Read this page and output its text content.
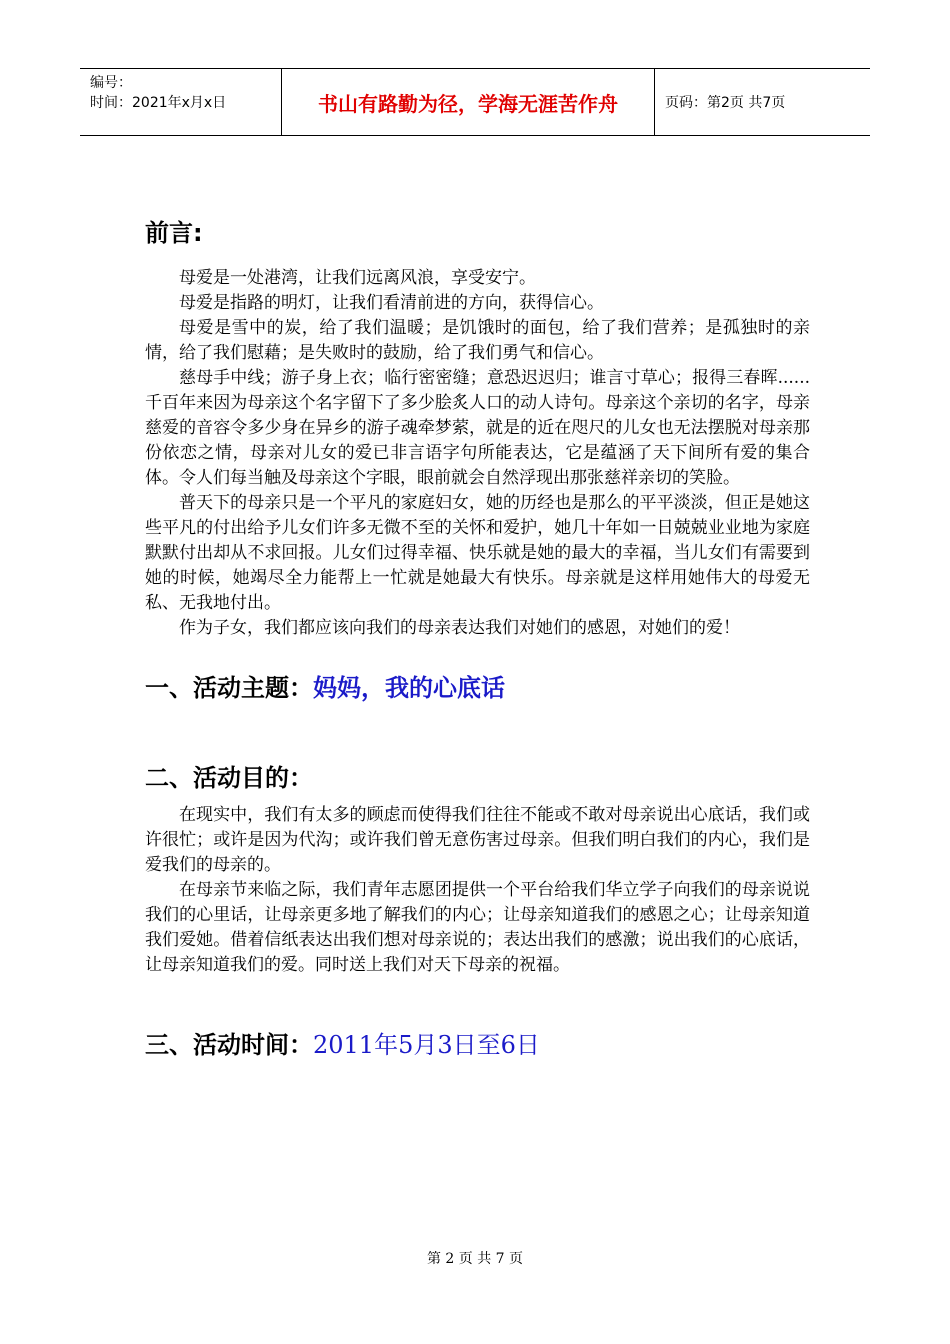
编号：
时间：2021年x月x日	书山有路勤为径，学海无涯苦作舟	页码：第2页 共7页
前言:

母爱是一处港湾，让我们远离风浪，享受安宁。

母爱是指路的明灯，让我们看清前进的方向，获得信心。

母爱是雪中的炭，给了我们温暖；是饥饿时的面包，给了我们营养；是孤独时的亲情，给了我们慰藉；是失败时的鼓励，给了我们勇气和信心。

慈母手中线；游子身上衣；临行密密缝；意恐迟迟归；谁言寸草心；报得三春晖......千百年来因为母亲这个名字留下了多少脍炙人口的动人诗句。母亲这个亲切的名字，母亲慈爱的音容令多少身在异乡的游子魂牵梦萦，就是的近在咫尺的儿女也无法摆脱对母亲那份依恋之情，母亲对儿女的爱已非言语字句所能表达，它是蕴涵了天下间所有爱的集合体。令人们每当触及母亲这个字眼，眼前就会自然浮现出那张慈祥亲切的笑脸。

普天下的母亲只是一个平凡的家庭妇女，她的历经也是那么的平平淡淡，但正是她这些平凡的付出给予儿女们许多无微不至的关怀和爱护，她几十年如一日兢兢业业地为家庭默默付出却从不求回报。儿女们过得幸福、快乐就是她的最大的幸福，当儿女们有需要到她的时候，她竭尽全力能帮上一忙就是她最大有快乐。母亲就是这样用她伟大的母爱无私、无我地付出。

作为子女，我们都应该向我们的母亲表达我们对她们的感恩，对她们的爱！

一、活动主题：妈妈，我的心底话
二、活动目的：

在现实中，我们有太多的顾虑而使得我们往往不能或不敢对母亲说出心底话，我们或许很忙；或许是因为代沟；或许我们曾无意伤害过母亲。但我们明白我们的内心，我们是爱我们的母亲的。

在母亲节来临之际，我们青年志愿团提供一个平台给我们华立学子向我们的母亲说说我们的心里话，让母亲更多地了解我们的内心；让母亲知道我们的感恩之心；让母亲知道我们爱她。借着信纸表达出我们想对母亲说的；表达出我们的感激；说出我们的心底话，让母亲知道我们的爱。同时送上我们对天下母亲的祝福。

三、活动时间：2011年5月3日至6日
第 2 页 共 7 页
